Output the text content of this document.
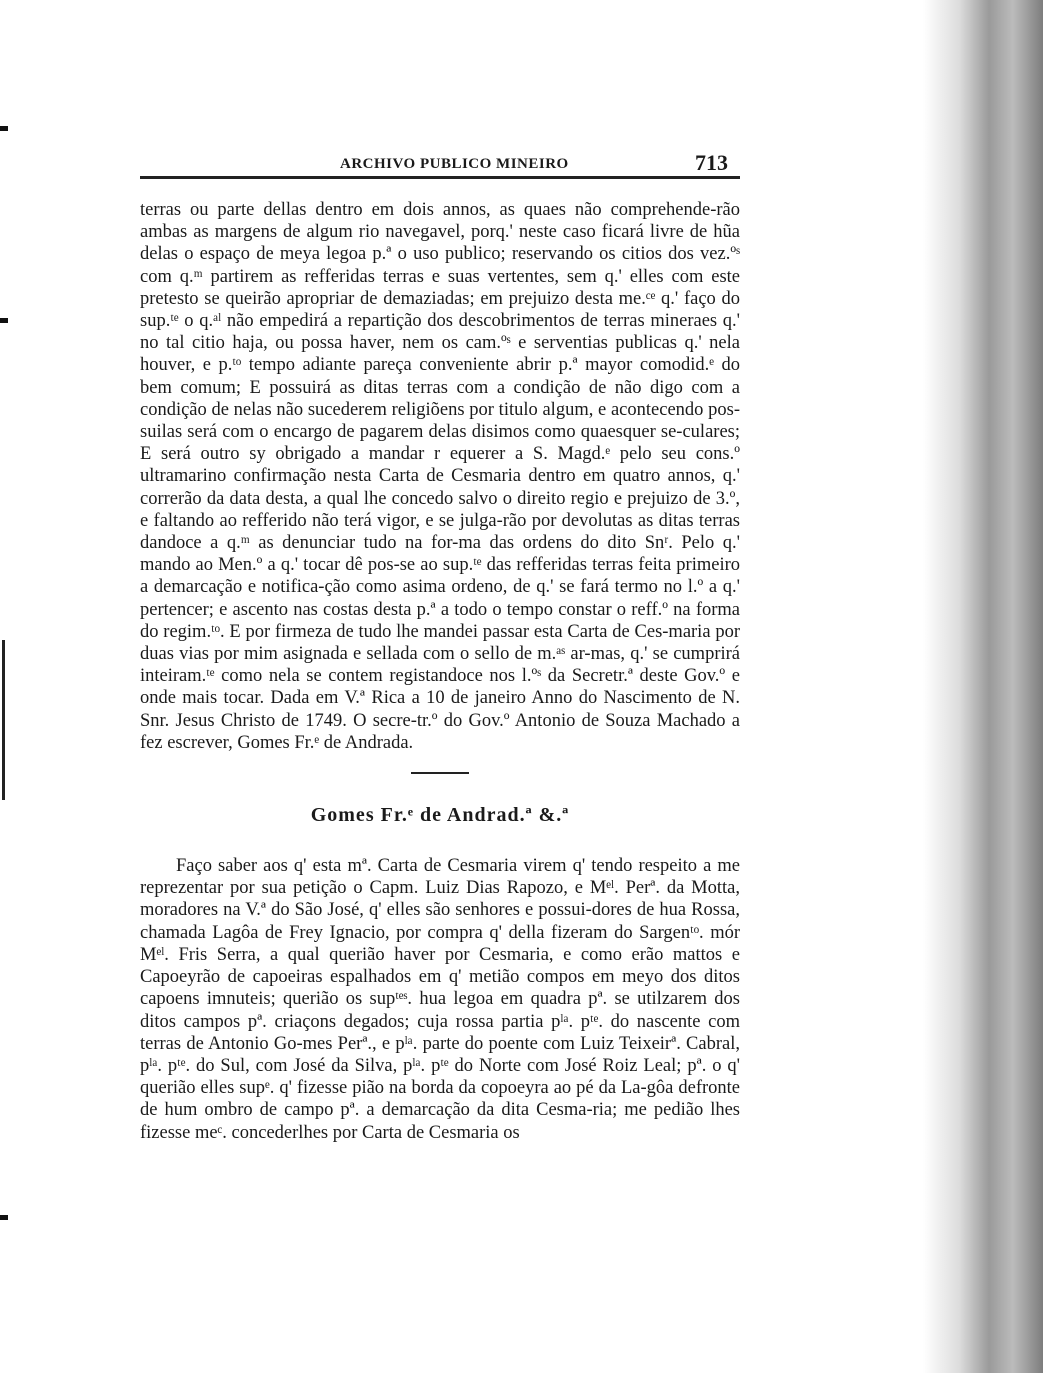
ARCHIVO PUBLICO MINEIRO	713

terras ou parte dellas dentro em dois annos, as quaes não comprehende-rão ambas as margens de algum rio navegavel, porq.' neste caso ficará livre de hũa delas o espaço de meya legoa p.ª o uso publico; reservando os citios dos vez.ºˢ com q.ᵐ partirem as refferidas terras e suas vertentes, sem q.' elles com este pretesto se queirão apropriar de demaziadas; em prejuizo desta me.ᶜᵉ q.' faço do sup.ᵗᵉ o q.ᵃˡ não empedirá a repartição dos descobrimentos de terras mineraes q.' no tal citio haja, ou possa haver, nem os cam.ºˢ e serventias publicas q.' nela houver, e p.ᵗᵒ tempo adiante pareça conveniente abrir p.ª mayor comodid.ᵉ do bem comum; E possuirá as ditas terras com a condição de não digo com a condição de nelas não sucederem religiõens por titulo algum, e acontecendo pos-suilas será com o encargo de pagarem delas disimos como quaesquer se-culares; E será outro sy obrigado a mandar r equerer a S. Magd.ᵉ pelo seu cons.º ultramarino confirmação nesta Carta de Cesmaria dentro em quatro annos, q.' correrão da data desta, a qual lhe concedo salvo o direito regio e prejuizo de 3.º, e faltando ao refferido não terá vigor, e se julga-rão por devolutas as ditas terras dandoce a q.ᵐ as denunciar tudo na for-ma das ordens do dito Snʳ. Pelo q.' mando ao Men.º a q.' tocar dê pos-se ao sup.ᵗᵉ das refferidas terras feita primeiro a demarcação e notifica-ção como asima ordeno, de q.' se fará termo no l.º a q.' pertencer; e ascento nas costas desta p.ª a todo o tempo constar o reff.º na forma do regim.ᵗᵒ. E por firmeza de tudo lhe mandei passar esta Carta de Ces-maria por duas vias por mim asignada e sellada com o sello de m.ᵃˢ ar-mas, q.' se cumprirá inteiram.ᵗᵉ como nela se contem registandoce nos l.ºˢ da Secretr.ª deste Gov.º e onde mais tocar. Dada em V.ª Rica a 10 de janeiro Anno do Nascimento de N. Snr. Jesus Christo de 1749. O secre-tr.º do Gov.º Antonio de Souza Machado a fez escrever, Gomes Fr.ᵉ de Andrada.

Gomes Fr.ᵉ de Andrad.ª &.ª

Faço saber aos q' esta mª. Carta de Cesmaria virem q' tendo respeito a me reprezentar por sua petição o Capm. Luiz Dias Rapozo, e Mᵉˡ. Perª. da Motta, moradores na V.ª do São José, q' elles são senhores e possui-dores de hua Rossa, chamada Lagôa de Frey Ignacio, por compra q' della fizeram do Sargenᵗᵒ. mór Mᵉˡ. Fris Serra, a qual querião haver por Cesmaria, e como erão mattos e Capoeyrão de capoeiras espalhados em q' metião compos em meyo dos ditos capoens imnuteis; querião os supᵗᵉˢ. hua legoa em quadra pª. se utilzarem dos ditos campos pª. criaçons degados; cuja rossa partia pˡᵃ. pᵗᵉ. do nascente com terras de Antonio Go-mes Perª., e pˡᵃ. parte do poente com Luiz Teixeirª. Cabral, pˡᵃ. pᵗᵉ. do Sul, com José da Silva, pˡᵃ. pᵗᵉ do Norte com José Roiz Leal; pª. o q' querião elles supᵉ. q' fizesse pião na borda da copoeyra ao pé da La-gôa defronte de hum ombro de campo pª. a demarcação da dita Cesma-ria; me pedião lhes fizesse meᶜ. concederlhes por Carta de Cesmaria os
